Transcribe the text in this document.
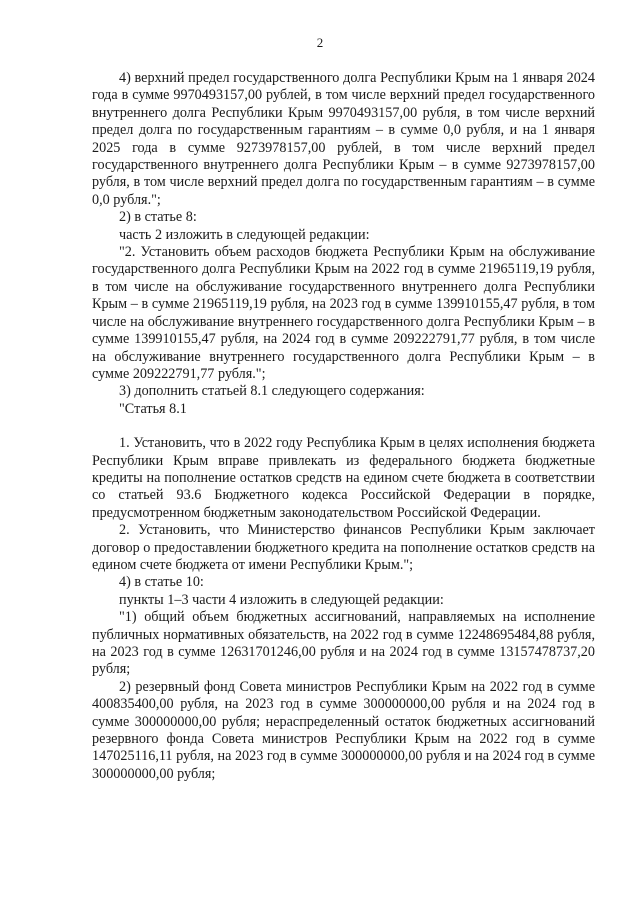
2

4) верхний предел государственного долга Республики Крым на 1 января 2024 года в сумме 9970493157,00 рублей, в том числе верхний предел государственного внутреннего долга Республики Крым 9970493157,00 рубля, в том числе верхний предел долга по государственным гарантиям – в сумме 0,0 рубля, и на 1 января 2025 года в сумме 9273978157,00 рублей, в том числе верхний предел государственного внутреннего долга Республики Крым – в сумме 9273978157,00 рубля, в том числе верхний предел долга по государственным гарантиям – в сумме 0,0 рубля.";

2) в статье 8:

часть 2 изложить в следующей редакции:

"2. Установить объем расходов бюджета Республики Крым на обслуживание государственного долга Республики Крым на 2022 год в сумме 21965119,19 рубля, в том числе на обслуживание государственного внутреннего долга Республики Крым – в сумме 21965119,19 рубля, на 2023 год в сумме 139910155,47 рубля, в том числе на обслуживание внутреннего государственного долга Республики Крым – в сумме 139910155,47 рубля, на 2024 год в сумме 209222791,77 рубля, в том числе на обслуживание внутреннего государственного долга Республики Крым – в сумме 209222791,77 рубля.";

3) дополнить статьей 8.1 следующего содержания:

"Статья 8.1

1. Установить, что в 2022 году Республика Крым в целях исполнения бюджета Республики Крым вправе привлекать из федерального бюджета бюджетные кредиты на пополнение остатков средств на едином счете бюджета в соответствии со статьей 93.6 Бюджетного кодекса Российской Федерации в порядке, предусмотренном бюджетным законодательством Российской Федерации.

2. Установить, что Министерство финансов Республики Крым заключает договор о предоставлении бюджетного кредита на пополнение остатков средств на едином счете бюджета от имени Республики Крым.";

4) в статье 10:

пункты 1–3 части 4 изложить в следующей редакции:

"1) общий объем бюджетных ассигнований, направляемых на исполнение публичных нормативных обязательств, на 2022 год в сумме 12248695484,88 рубля, на 2023 год в сумме 12631701246,00 рубля и на 2024 год в сумме 13157478737,20 рубля;

2) резервный фонд Совета министров Республики Крым на 2022 год в сумме 400835400,00 рубля, на 2023 год в сумме 300000000,00 рубля и на 2024 год в сумме 300000000,00 рубля; нераспределенный остаток бюджетных ассигнований резервного фонда Совета министров Республики Крым на 2022 год в сумме 147025116,11 рубля, на 2023 год в сумме 300000000,00 рубля и на 2024 год в сумме 300000000,00 рубля;
